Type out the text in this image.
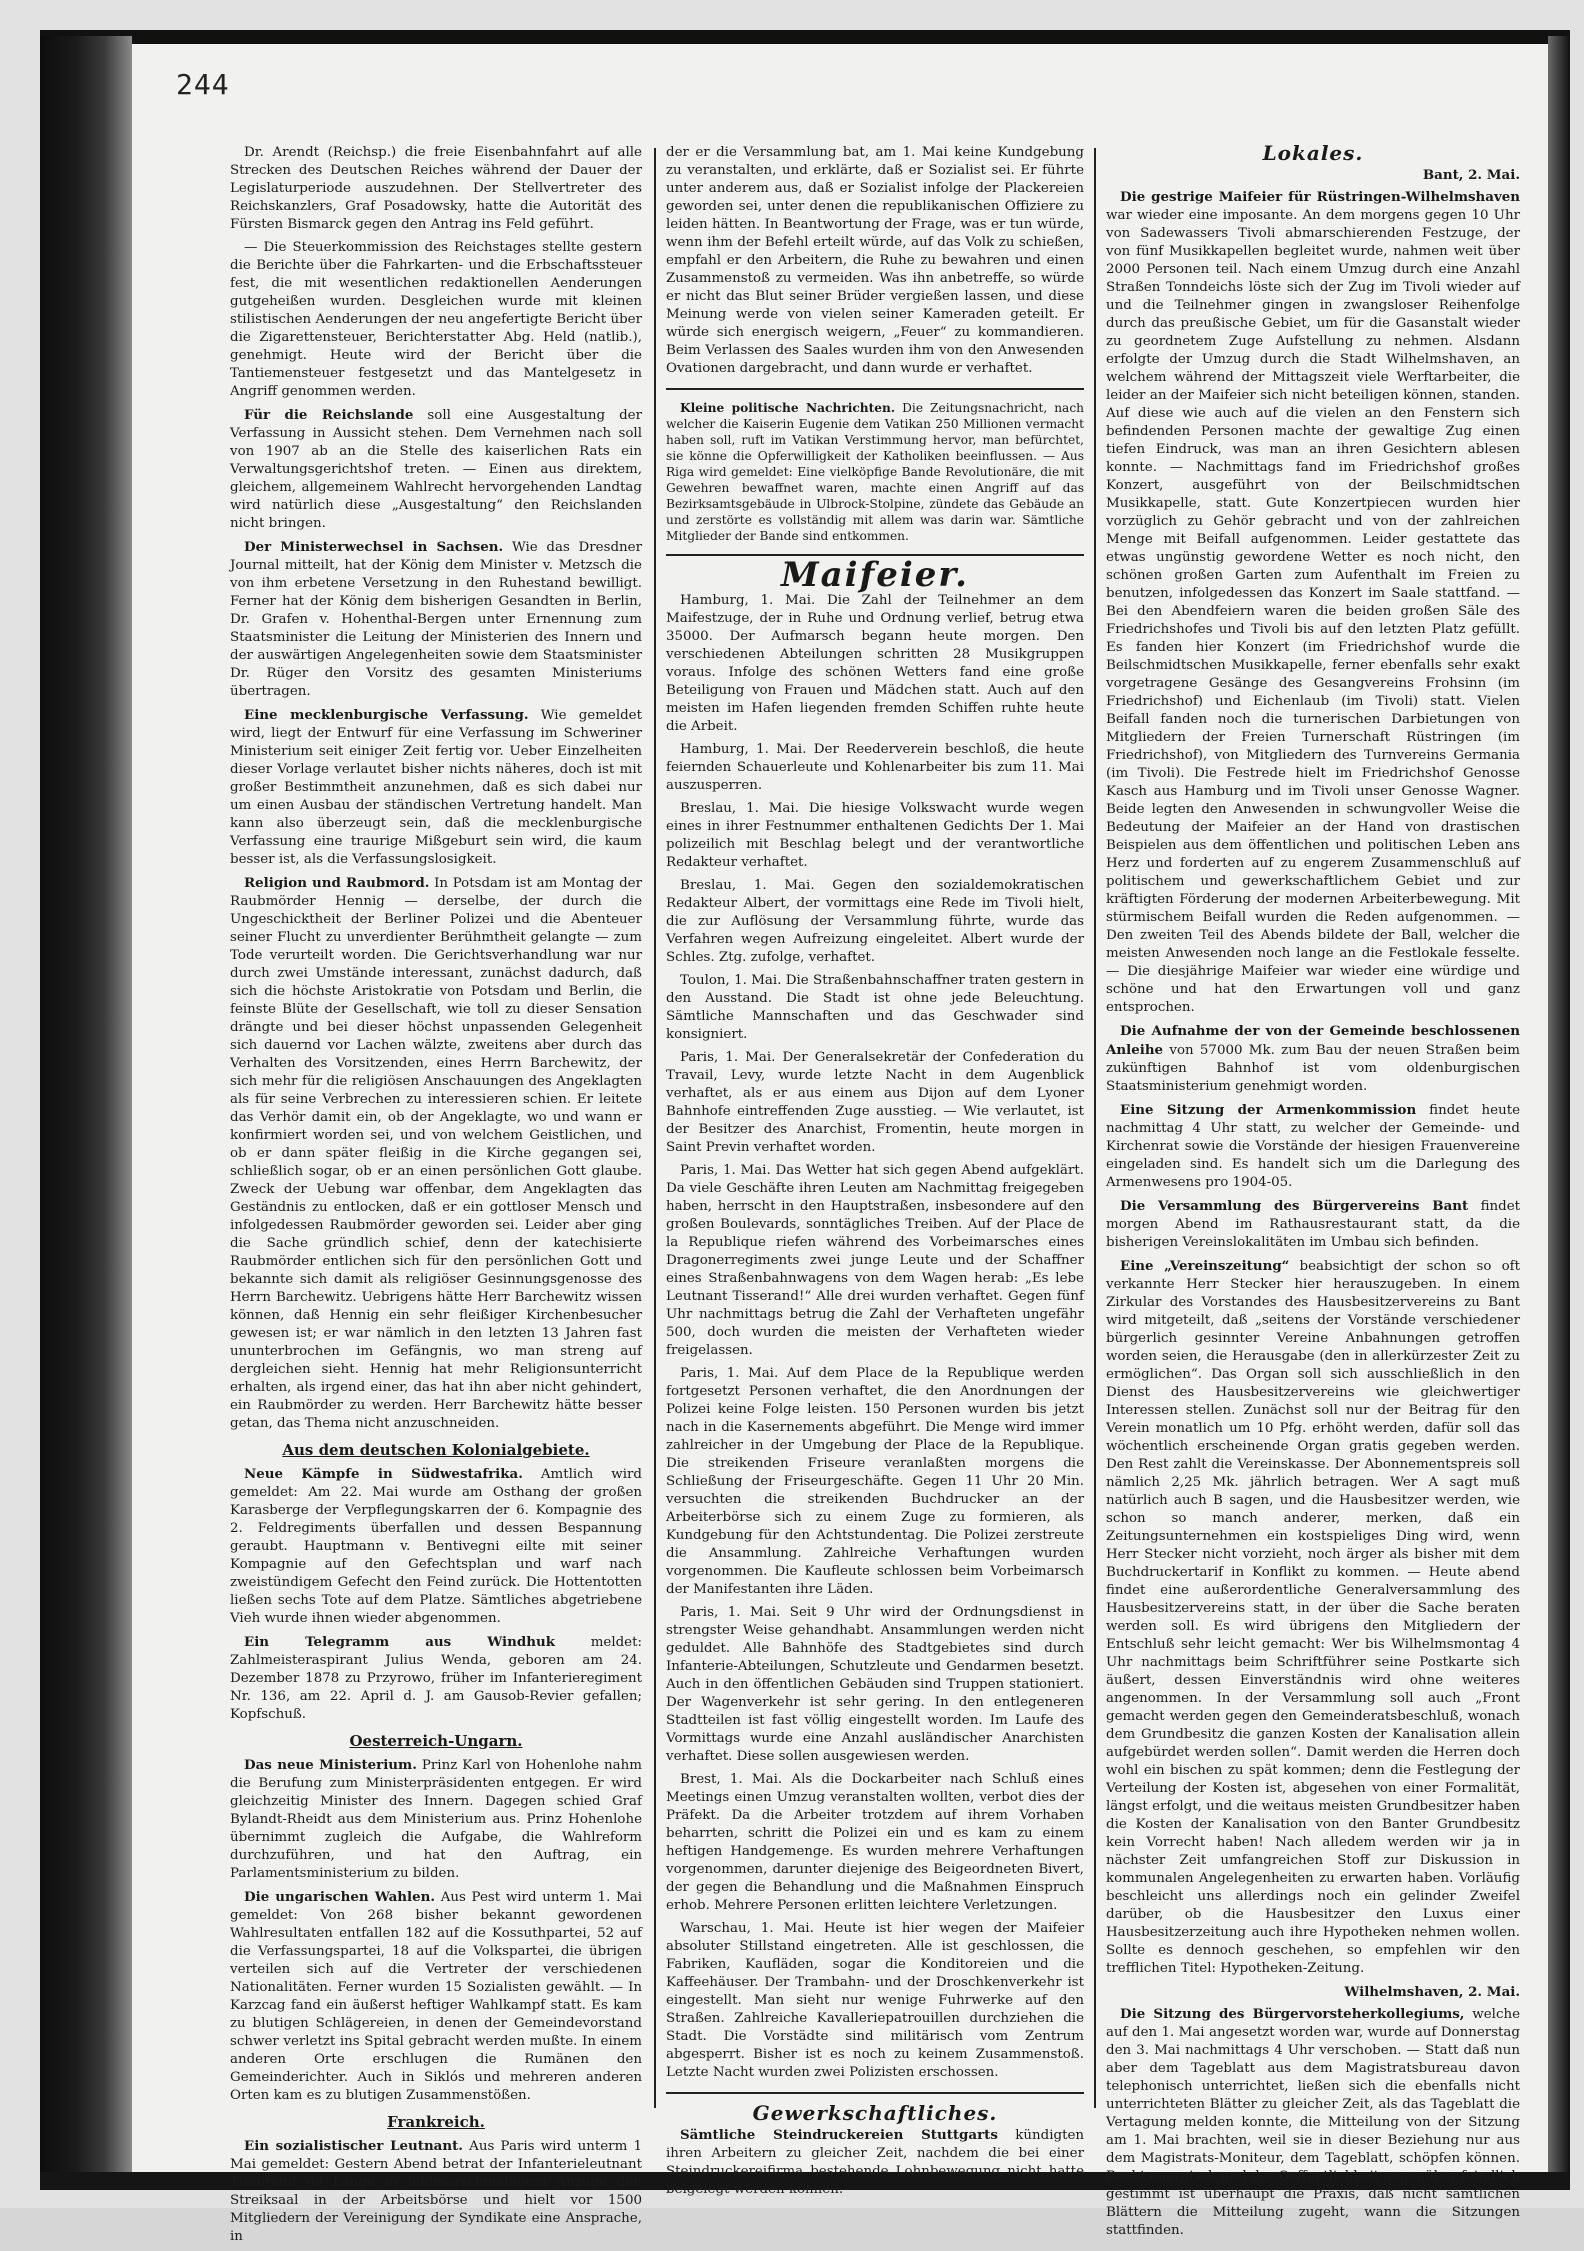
244

Dr. Arendt (Reichsp.) die freie Eisenbahnfahrt auf alle Strecken des Deutschen Reiches während der Dauer der Legislaturperiode auszudehnen. Der Stellvertreter des Reichskanzlers, Graf Posadowsky, hatte die Autorität des Fürsten Bismarck gegen den Antrag ins Feld geführt.

— Die Steuerkommission des Reichstages stellte gestern die Berichte über die Fahrkarten- und die Erbschaftssteuer fest, die mit wesentlichen redaktionellen Aenderungen gutgeheißen wurden. Desgleichen wurde mit kleinen stilistischen Aenderungen der neu angefertigte Bericht über die Zigarettensteuer, Berichterstatter Abg. Held (natlib.), genehmigt. Heute wird der Bericht über die Tantiemensteuer festgesetzt und das Mantelgesetz in Angriff genommen werden.

Für die Reichslande soll eine Ausgestaltung der Verfassung in Aussicht stehen. Dem Vernehmen nach soll von 1907 ab an die Stelle des kaiserlichen Rats ein Verwaltungsgerichtshof treten. — Einen aus direktem, gleichem, allgemeinem Wahlrecht hervorgehenden Landtag wird natürlich diese „Ausgestaltung“ den Reichslanden nicht bringen.

Der Ministerwechsel in Sachsen. Wie das Dresdner Journal mitteilt, hat der König dem Minister v. Metzsch die von ihm erbetene Versetzung in den Ruhestand bewilligt. Ferner hat der König dem bisherigen Gesandten in Berlin, Dr. Grafen v. Hohenthal-Bergen unter Ernennung zum Staatsminister die Leitung der Ministerien des Innern und der auswärtigen Angelegenheiten sowie dem Staatsminister Dr. Rüger den Vorsitz des gesamten Ministeriums übertragen.

Eine mecklenburgische Verfassung. Wie gemeldet wird, liegt der Entwurf für eine Verfassung im Schweriner Ministerium seit einiger Zeit fertig vor. Ueber Einzelheiten dieser Vorlage verlautet bisher nichts näheres, doch ist mit großer Bestimmtheit anzunehmen, daß es sich dabei nur um einen Ausbau der ständischen Vertretung handelt. Man kann also überzeugt sein, daß die mecklenburgische Verfassung eine traurige Mißgeburt sein wird, die kaum besser ist, als die Verfassungslosigkeit.

Religion und Raubmord. In Potsdam ist am Montag der Raubmörder Hennig — derselbe, der durch die Ungeschicktheit der Berliner Polizei und die Abenteuer seiner Flucht zu unverdienter Berühmtheit gelangte — zum Tode verurteilt worden. Die Gerichtsverhandlung war nur durch zwei Umstände interessant, zunächst dadurch, daß sich die höchste Aristokratie von Potsdam und Berlin, die feinste Blüte der Gesellschaft, wie toll zu dieser Sensation drängte und bei dieser höchst unpassenden Gelegenheit sich dauernd vor Lachen wälzte, zweitens aber durch das Verhalten des Vorsitzenden, eines Herrn Barchewitz, der sich mehr für die religiösen Anschauungen des Angeklagten als für seine Verbrechen zu interessieren schien. Er leitete das Verhör damit ein, ob der Angeklagte, wo und wann er konfirmiert worden sei, und von welchem Geistlichen, und ob er dann später fleißig in die Kirche gegangen sei, schließlich sogar, ob er an einen persönlichen Gott glaube. Zweck der Uebung war offenbar, dem Angeklagten das Geständnis zu entlocken, daß er ein gottloser Mensch und infolgedessen Raubmörder geworden sei. Leider aber ging die Sache gründlich schief, denn der katechisierte Raubmörder entlichen sich für den persönlichen Gott und bekannte sich damit als religiöser Gesinnungsgenosse des Herrn Barchewitz. Uebrigens hätte Herr Barchewitz wissen können, daß Hennig ein sehr fleißiger Kirchenbesucher gewesen ist; er war nämlich in den letzten 13 Jahren fast ununterbrochen im Gefängnis, wo man streng auf dergleichen sieht. Hennig hat mehr Religionsunterricht erhalten, als irgend einer, das hat ihn aber nicht gehindert, ein Raubmörder zu werden. Herr Barchewitz hätte besser getan, das Thema nicht anzuschneiden.

Aus dem deutschen Kolonialgebiete.

Neue Kämpfe in Südwestafrika. Amtlich wird gemeldet: Am 22. Mai wurde am Osthang der großen Karasberge der Verpflegungskarren der 6. Kompagnie des 2. Feldregiments überfallen und dessen Bespannung geraubt. Hauptmann v. Bentivegni eilte mit seiner Kompagnie auf den Gefechtsplan und warf nach zweistündigem Gefecht den Feind zurück. Die Hottentotten ließen sechs Tote auf dem Platze. Sämtliches abgetriebene Vieh wurde ihnen wieder abgenommen.

Ein Telegramm aus Windhuk	meldet: Zahlmeisteraspirant Julius Wenda, geboren am 24. Dezember 1878 zu Przyrowo, früher im Infanterieregiment Nr. 136, am 22. April d. J. am Gausob-Revier gefallen; Kopfschuß.

Oesterreich-Ungarn.

Das neue Ministerium. Prinz Karl von Hohenlohe nahm die Berufung zum Ministerpräsidenten entgegen. Er wird gleichzeitig Minister des Innern. Dagegen schied Graf Bylandt-Rheidt aus dem Ministerium aus. Prinz Hohenlohe übernimmt zugleich die Aufgabe, die Wahlreform durchzuführen, und hat den Auftrag, ein Parlamentsministerium zu bilden.

Die ungarischen Wahlen. Aus Pest wird unterm 1. Mai gemeldet: Von 268 bisher bekannt gewordenen Wahlresultaten entfallen 182 auf die Kossuthpartei, 52 auf die Verfassungspartei, 18 auf die Volkspartei, die übrigen verteilen sich auf die Vertreter der verschiedenen Nationalitäten. Ferner wurden 15 Sozialisten gewählt. — In Karzcag fand ein äußerst heftiger Wahlkampf statt. Es kam zu blutigen Schlägereien, in denen der Gemeindevorstand schwer verletzt ins Spital gebracht werden mußte. In einem anderen Orte erschlugen die Rumänen den Gemeinderichter. Auch in Siklós und mehreren anderen Orten kam es zu blutigen Zusammenstößen.

Frankreich.

Ein sozialistischer Leutnant. Aus Paris wird unterm 1 Mai gemeldet: Gestern Abend betrat der Infanterieleutnant Tisserand de Lange in feldmarschmäßigem Anzuge den Streiksaal in der Arbeitsbörse und hielt vor 1500 Mitgliedern der Vereinigung der Syndikate eine Ansprache, in

der er die Versammlung bat, am 1. Mai keine Kundgebung zu veranstalten, und erklärte, daß er Sozialist sei. Er führte unter anderem aus, daß er Sozialist infolge der Plackereien geworden sei, unter denen die republikanischen Offiziere zu leiden hätten. In Beantwortung der Frage, was er tun würde, wenn ihm der Befehl erteilt würde, auf das Volk zu schießen, empfahl er den Arbeitern, die Ruhe zu bewahren und einen Zusammenstoß zu vermeiden. Was ihn anbetreffe, so würde er nicht das Blut seiner Brüder vergießen lassen, und diese Meinung werde von vielen seiner Kameraden geteilt. Er würde sich energisch weigern, „Feuer“ zu kommandieren. Beim Verlassen des Saales wurden ihm von den Anwesenden Ovationen dargebracht, und dann wurde er verhaftet.

Kleine politische Nachrichten. Die Zeitungsnachricht, nach welcher die Kaiserin Eugenie dem Vatikan 250 Millionen vermacht haben soll, ruft im Vatikan Verstimmung hervor, man befürchtet, sie könne die Opferwilligkeit der Katholiken beeinflussen. — Aus Riga wird gemeldet: Eine vielköpfige Bande Revolutionäre, die mit Gewehren bewaffnet waren, machte einen Angriff auf das Bezirksamtsgebäude in Ulbrock-Stolpine, zündete das Gebäude an und zerstörte es vollständig mit allem was darin war. Sämtliche Mitglieder der Bande sind entkommen.

Maifeier.

Hamburg, 1. Mai. Die Zahl der Teilnehmer an dem Maifestzuge, der in Ruhe und Ordnung verlief, betrug etwa 35000. Der Aufmarsch begann heute morgen. Den verschiedenen Abteilungen schritten 28 Musikgruppen voraus. Infolge des schönen Wetters fand eine große Beteiligung von Frauen und Mädchen statt. Auch auf den meisten im Hafen liegenden fremden Schiffen ruhte heute die Arbeit.

Hamburg, 1. Mai. Der Reederverein beschloß, die heute feiernden Schauerleute und Kohlenarbeiter bis zum 11. Mai auszusperren.

Breslau, 1. Mai. Die hiesige Volkswacht wurde wegen eines in ihrer Festnummer enthaltenen Gedichts Der 1. Mai polizeilich mit Beschlag belegt und der verantwortliche Redakteur verhaftet.

Breslau, 1. Mai. Gegen den sozialdemokratischen Redakteur Albert, der vormittags eine Rede im Tivoli hielt, die zur Auflösung der Versammlung führte, wurde das Verfahren wegen Aufreizung eingeleitet. Albert wurde der Schles. Ztg. zufolge, verhaftet.

Toulon, 1. Mai. Die Straßenbahnschaffner traten gestern in den Ausstand. Die Stadt ist ohne jede Beleuchtung. Sämtliche Mannschaften und das Geschwader sind konsigniert.

Paris, 1. Mai. Der Generalsekretär der Confederation du Travail, Levy, wurde letzte Nacht in dem Augenblick verhaftet, als er aus einem aus Dijon auf dem Lyoner Bahnhofe eintreffenden Zuge ausstieg. — Wie verlautet, ist der Besitzer des Anarchist, Fromentin, heute morgen in Saint Previn verhaftet worden.

Paris, 1. Mai. Das Wetter hat sich gegen Abend aufgeklärt. Da viele Geschäfte ihren Leuten am Nachmittag freigegeben haben, herrscht in den Hauptstraßen, insbesondere auf den großen Boulevards, sonntägliches Treiben. Auf der Place de la Republique riefen während des Vorbeimarsches eines Dragonerregiments zwei junge Leute und der Schaffner eines Straßenbahnwagens von dem Wagen herab: „Es lebe Leutnant Tisserand!“ Alle drei wurden verhaftet. Gegen fünf Uhr nachmittags betrug die Zahl der Verhafteten ungefähr 500, doch wurden die meisten der Verhafteten wieder freigelassen.

Paris, 1. Mai. Auf dem Place de la Republique werden fortgesetzt Personen verhaftet, die den Anordnungen der Polizei keine Folge leisten. 150 Personen wurden bis jetzt nach in die Kasernements abgeführt. Die Menge wird immer zahlreicher in der Umgebung der Place de la Republique. Die streikenden Friseure veranlaßten morgens die Schließung der Friseurgeschäfte. Gegen 11 Uhr 20 Min. versuchten die streikenden Buchdrucker an der Arbeiterbörse sich zu einem Zuge zu formieren, als Kundgebung für den Achtstundentag. Die Polizei zerstreute die Ansammlung. Zahlreiche Verhaftungen wurden vorgenommen. Die Kaufleute schlossen beim Vorbeimarsch der Manifestanten ihre Läden.

Paris, 1. Mai. Seit 9 Uhr wird der Ordnungsdienst in strengster Weise gehandhabt. Ansammlungen werden nicht geduldet. Alle Bahnhöfe des Stadtgebietes sind durch Infanterie-Abteilungen, Schutzleute und Gendarmen besetzt. Auch in den öffentlichen Gebäuden sind Truppen stationiert. Der Wagenverkehr ist sehr gering. In den entlegeneren Stadtteilen ist fast völlig eingestellt worden. Im Laufe des Vormittags wurde eine Anzahl ausländischer Anarchisten verhaftet. Diese sollen ausgewiesen werden.

Brest, 1. Mai. Als die Dockarbeiter nach Schluß eines Meetings einen Umzug veranstalten wollten, verbot dies der Präfekt. Da die Arbeiter trotzdem auf ihrem Vorhaben beharrten, schritt die Polizei ein und es kam zu einem heftigen Handgemenge. Es wurden mehrere Verhaftungen vorgenommen, darunter diejenige des Beigeordneten Bivert, der gegen die Behandlung und die Maßnahmen Einspruch erhob. Mehrere Personen erlitten leichtere Verletzungen.

Warschau, 1. Mai. Heute ist hier wegen der Maifeier absoluter Stillstand eingetreten. Alle ist geschlossen, die Fabriken, Kaufläden, sogar die Konditoreien und die Kaffeehäuser. Der Trambahn- und der Droschkenverkehr ist eingestellt. Man sieht nur wenige Fuhrwerke auf den Straßen. Zahlreiche Kavalleriepatrouillen durchziehen die Stadt. Die Vorstädte sind militärisch vom Zentrum abgesperrt. Bisher ist es noch zu keinem Zusammenstoß. Letzte Nacht wurden zwei Polizisten erschossen.

Gewerkschaftliches.

Sämtliche Steindruckereien Stuttgarts kündigten ihren Arbeitern zu gleicher Zeit, nachdem die bei einer Steindruckereifirma bestehende Lohnbewegung nicht hatte beigelegt werden können.

Lokales.
Bant, 2. Mai.

Die gestrige Maifeier für Rüstringen-Wilhelmshaven war wieder eine imposante. An dem morgens gegen 10 Uhr von Sadewassers Tivoli abmarschierenden Festzuge, der von fünf Musikkapellen begleitet wurde, nahmen weit über 2000 Personen teil. Nach einem Umzug durch eine Anzahl Straßen Tonndeichs löste sich der Zug im Tivoli wieder auf und die Teilnehmer gingen in zwangsloser Reihenfolge durch das preußische Gebiet, um für die Gasanstalt wieder zu geordnetem Zuge Aufstellung zu nehmen. Alsdann erfolgte der Umzug durch die Stadt Wilhelmshaven, an welchem während der Mittagszeit viele Werftarbeiter, die leider an der Maifeier sich nicht beteiligen können, standen. Auf diese wie auch auf die vielen an den Fenstern sich befindenden Personen machte der gewaltige Zug einen tiefen Eindruck, was man an ihren Gesichtern ablesen konnte. — Nachmittags fand im Friedrichshof großes Konzert, ausgeführt von der Beilschmidtschen Musikkapelle, statt. Gute Konzertpiecen wurden hier vorzüglich zu Gehör gebracht und von der zahlreichen Menge mit Beifall aufgenommen. Leider gestattete das etwas ungünstig gewordene Wetter es noch nicht, den schönen großen Garten zum Aufenthalt im Freien zu benutzen, infolgedessen das Konzert im Saale stattfand. — Bei den Abendfeiern waren die beiden großen Säle des Friedrichshofes und Tivoli bis auf den letzten Platz gefüllt. Es fanden hier Konzert (im Friedrichshof wurde die Beilschmidtschen Musikkapelle, ferner ebenfalls sehr exakt vorgetragene Gesänge des Gesangvereins Frohsinn (im Friedrichshof) und Eichenlaub (im Tivoli) statt. Vielen Beifall fanden noch die turnerischen Darbietungen von Mitgliedern der Freien Turnerschaft Rüstringen (im Friedrichshof), von Mitgliedern des Turnvereins Germania (im Tivoli). Die Festrede hielt im Friedrichshof Genosse Kasch aus Hamburg und im Tivoli unser Genosse Wagner. Beide legten den Anwesenden in schwungvoller Weise die Bedeutung der Maifeier an der Hand von drastischen Beispielen aus dem öffentlichen und politischen Leben ans Herz und forderten auf zu engerem Zusammenschluß auf politischem und gewerkschaftlichem Gebiet und zur kräftigten Förderung der modernen Arbeiterbewegung. Mit stürmischem Beifall wurden die Reden aufgenommen. — Den zweiten Teil des Abends bildete der Ball, welcher die meisten Anwesenden noch lange an die Festlokale fesselte. — Die diesjährige Maifeier war wieder eine würdige und schöne und hat den Erwartungen voll und ganz entsprochen.

Die Aufnahme der von der Gemeinde beschlossenen Anleihe von 57000 Mk. zum Bau der neuen Straßen beim zukünftigen Bahnhof ist vom oldenburgischen Staatsministerium genehmigt worden.

Eine Sitzung der Armenkommission findet heute nachmittag 4 Uhr statt, zu welcher der Gemeinde- und Kirchenrat sowie die Vorstände der hiesigen Frauenvereine eingeladen sind. Es handelt sich um die Darlegung des Armenwesens pro 1904-05.

Die Versammlung des Bürgervereins Bant findet morgen Abend im Rathausrestaurant statt, da die bisherigen Vereinslokalitäten im Umbau sich befinden.

Eine „Vereinszeitung“ beabsichtigt der schon so oft verkannte Herr Stecker hier herauszugeben. In einem Zirkular des Vorstandes des Hausbesitzervereins zu Bant wird mitgeteilt, daß „seitens der Vorstände verschiedener bürgerlich gesinnter Vereine Anbahnungen getroffen worden seien, die Herausgabe (den in allerkürzester Zeit zu ermöglichen“. Das Organ soll sich ausschließlich in den Dienst des Hausbesitzervereins wie gleichwertiger Interessen stellen. Zunächst soll nur der Beitrag für den Verein monatlich um 10 Pfg. erhöht werden, dafür soll das wöchentlich erscheinende Organ gratis gegeben werden. Den Rest zahlt die Vereinskasse. Der Abonnementspreis soll nämlich 2,25 Mk. jährlich betragen. Wer A sagt muß natürlich auch B sagen, und die Hausbesitzer werden, wie schon so manch anderer, merken, daß ein Zeitungsunternehmen ein kostspieliges Ding wird, wenn Herr Stecker nicht vorzieht, noch ärger als bisher mit dem Buchdruckertarif in Konflikt zu kommen. — Heute abend findet eine außerordentliche Generalversammlung des Hausbesitzervereins statt, in der über die Sache beraten werden soll. Es wird übrigens den Mitgliedern der Entschluß sehr leicht gemacht: Wer bis Wilhelmsmontag 4 Uhr nachmittags beim Schriftführer seine Postkarte sich äußert, dessen Einverständnis wird ohne weiteres angenommen. In der Versammlung soll auch „Front gemacht werden gegen den Gemeinderatsbeschluß, wonach dem Grundbesitz die ganzen Kosten der Kanalisation allein aufgebürdet werden sollen“. Damit werden die Herren doch wohl ein bischen zu spät kommen; denn die Festlegung der Verteilung der Kosten ist, abgesehen von einer Formalität, längst erfolgt, und die weitaus meisten Grundbesitzer haben die Kosten der Kanalisation von den Banter Grundbesitz kein Vorrecht haben! Nach alledem werden wir ja in nächster Zeit umfangreichen Stoff zur Diskussion in kommunalen Angelegenheiten zu erwarten haben. Vorläufig beschleicht uns allerdings noch ein gelinder Zweifel darüber, ob die Hausbesitzer den Luxus einer Hausbesitzerzeitung auch ihre Hypotheken nehmen wollen. Sollte es dennoch geschehen, so empfehlen wir den trefflichen Titel: Hypotheken-Zeitung.

Wilhelmshaven, 2. Mai.

Die Sitzung des Bürgervorsteherkollegiums, welche auf den 1. Mai angesetzt worden war, wurde auf Donnerstag den 3. Mai nachmittags 4 Uhr verschoben. — Statt daß nun aber dem Tageblatt aus dem Magistratsbureau davon telephonisch unterrichtet, ließen sich die ebenfalls nicht unterrichteten Blätter zu gleicher Zeit, als das Tageblatt die Vertagung melden konnte, die Mitteilung von der Sitzung am 1. Mai brachten, weil sie in dieser Beziehung nur aus dem Magistrats-Moniteur, dem Tageblatt, schöpfen können. Recht energisch und der Oeffentlichkeit gegenüber feindlich gestimmt ist überhaupt die Praxis, daß nicht sämtlichen Blättern die Mitteilung zugeht, wann die Sitzungen stattfinden.
